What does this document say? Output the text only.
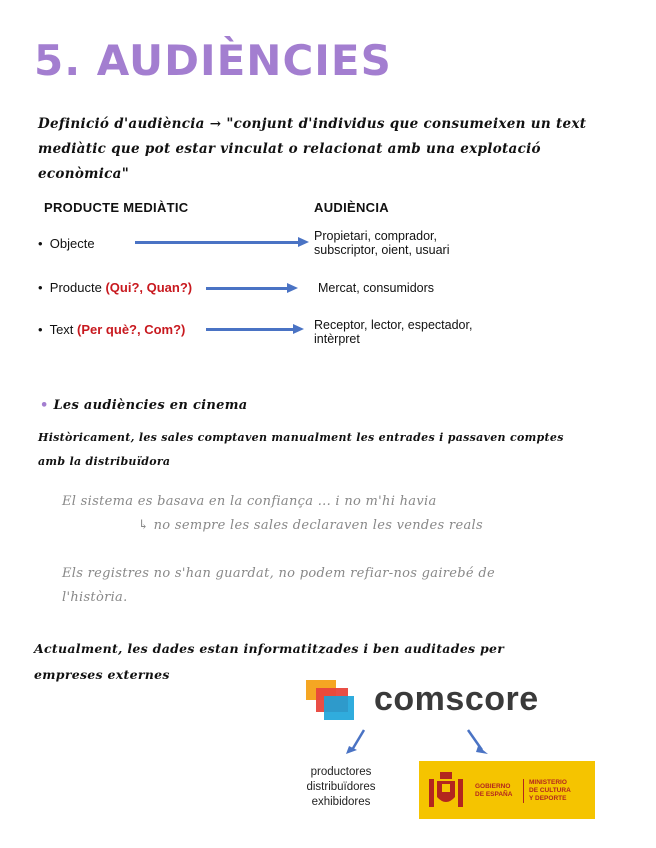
5. AUDIÈNCIES
Definició d'audiència → "conjunt d'individus que consumeixen un text
mediàtic que pot estar vinculat o relacionat amb una explotació
econòmica"
PRODUCTE MEDIÀTIC	AUDIÈNCIA
• Objecte	Propietari, comprador,
subscriptor, oient, usuari
• Producte (Qui?, Quan?)	Mercat, consumidors
• Text (Per què?, Com?)	Receptor, lector, espectador,
intèrpret
• Les audiències en cinema
Històricament, les sales comptaven manualment les entrades i passaven comptes
amb la distribuïdora
El sistema es basava en la confiança ... i no m'hi havia
↳ no sempre les sales declaraven les vendes reals
Els registres no s'han guardat, no podem refiar-nos gairebé de
l'història.
Actualment, les dades estan informatitzades i ben auditades per
empreses externes
comscore
productores
distribuïdores
exhibidores
GOBIERNO
DE ESPAÑA
MINISTERIO
DE CULTURA
Y DEPORTE
